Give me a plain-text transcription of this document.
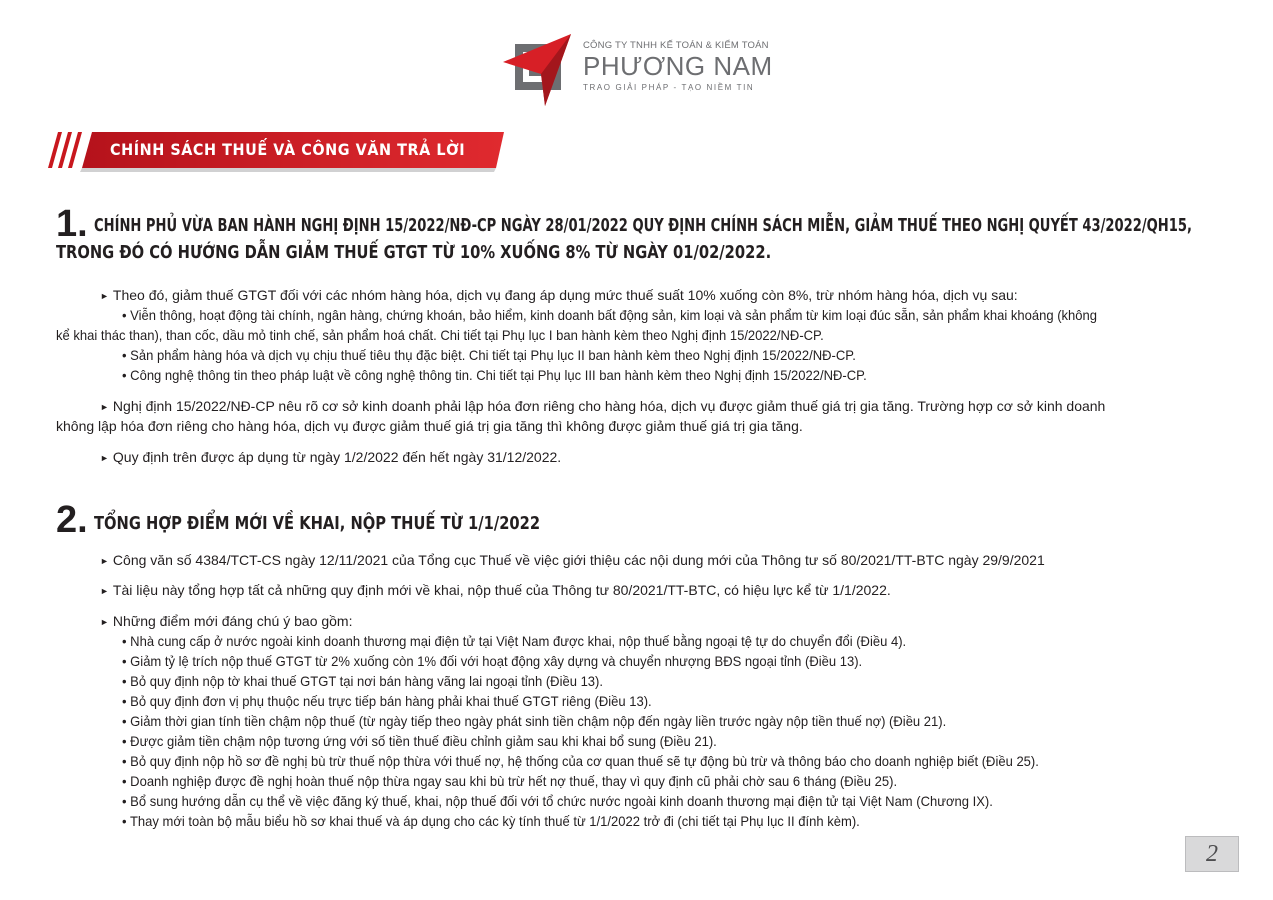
CÔNG TY TNHH KẾ TOÁN & KIỂM TOÁN
PHƯƠNG NAM
TRAO GIẢI PHÁP - TẠO NIỀM TIN
CHÍNH SÁCH THUẾ VÀ CÔNG VĂN TRẢ LỜI
1. CHÍNH PHỦ VỪA BAN HÀNH NGHỊ ĐỊNH 15/2022/NĐ-CP NGÀY 28/01/2022 QUY ĐỊNH CHÍNH SÁCH MIỄN, GIẢM THUẾ THEO NGHỊ QUYẾT 43/2022/QH15,
TRONG ĐÓ CÓ HƯỚNG DẪN GIẢM THUẾ GTGT TỪ 10% XUỐNG 8% TỪ NGÀY 01/02/2022.
► Theo đó, giảm thuế GTGT đối với các nhóm hàng hóa, dịch vụ đang áp dụng mức thuế suất 10% xuống còn 8%, trừ nhóm hàng hóa, dịch vụ sau:
• Viễn thông, hoạt động tài chính, ngân hàng, chứng khoán, bảo hiểm, kinh doanh bất động sản, kim loại và sản phẩm từ kim loại đúc sẵn, sản phẩm khai khoáng (không
kể khai thác than), than cốc, dầu mỏ tinh chế, sản phẩm hoá chất. Chi tiết tại Phụ lục I ban hành kèm theo Nghị định 15/2022/NĐ-CP.
• Sản phẩm hàng hóa và dịch vụ chịu thuế tiêu thụ đặc biệt. Chi tiết tại Phụ lục II ban hành kèm theo Nghị định 15/2022/NĐ-CP.
• Công nghệ thông tin theo pháp luật về công nghệ thông tin. Chi tiết tại Phụ lục III ban hành kèm theo Nghị định 15/2022/NĐ-CP.
► Nghị định 15/2022/NĐ-CP nêu rõ cơ sở kinh doanh phải lập hóa đơn riêng cho hàng hóa, dịch vụ được giảm thuế giá trị gia tăng. Trường hợp cơ sở kinh doanh
không lập hóa đơn riêng cho hàng hóa, dịch vụ được giảm thuế giá trị gia tăng thì không được giảm thuế giá trị gia tăng.
► Quy định trên được áp dụng từ ngày 1/2/2022 đến hết ngày 31/12/2022.
2. TỔNG HỢP ĐIỂM MỚI VỀ KHAI, NỘP THUẾ TỪ 1/1/2022
► Công văn số 4384/TCT-CS ngày 12/11/2021 của Tổng cục Thuế về việc giới thiệu các nội dung mới của Thông tư số 80/2021/TT-BTC ngày 29/9/2021
► Tài liệu này tổng hợp tất cả những quy định mới về khai, nộp thuế của Thông tư 80/2021/TT-BTC, có hiệu lực kể từ 1/1/2022.
► Những điểm mới đáng chú ý bao gồm:
• Nhà cung cấp ở nước ngoài kinh doanh thương mại điện tử tại Việt Nam được khai, nộp thuế bằng ngoại tệ tự do chuyển đổi (Điều 4).
• Giảm tỷ lệ trích nộp thuế GTGT từ 2% xuống còn 1% đối với hoạt động xây dựng và chuyển nhượng BĐS ngoại tỉnh (Điều 13).
• Bỏ quy định nộp tờ khai thuế GTGT tại nơi bán hàng vãng lai ngoại tỉnh (Điều 13).
• Bỏ quy định đơn vị phụ thuộc nếu trực tiếp bán hàng phải khai thuế GTGT riêng (Điều 13).
• Giảm thời gian tính tiền chậm nộp thuế (từ ngày tiếp theo ngày phát sinh tiền chậm nộp đến ngày liền trước ngày nộp tiền thuế nợ) (Điều 21).
• Được giảm tiền chậm nộp tương ứng với số tiền thuế điều chỉnh giảm sau khi khai bổ sung (Điều 21).
• Bỏ quy định nộp hồ sơ đề nghị bù trừ thuế nộp thừa với thuế nợ, hệ thống của cơ quan thuế sẽ tự động bù trừ và thông báo cho doanh nghiệp biết (Điều 25).
• Doanh nghiệp được đề nghị hoàn thuế nộp thừa ngay sau khi bù trừ hết nợ thuế, thay vì quy định cũ phải chờ sau 6 tháng (Điều 25).
• Bổ sung hướng dẫn cụ thể về việc đăng ký thuế, khai, nộp thuế đối với tổ chức nước ngoài kinh doanh thương mại điện tử tại Việt Nam (Chương IX).
• Thay mới toàn bộ mẫu biểu hồ sơ khai thuế và áp dụng cho các kỳ tính thuế từ 1/1/2022 trở đi (chi tiết tại Phụ lục II đính kèm).
2
